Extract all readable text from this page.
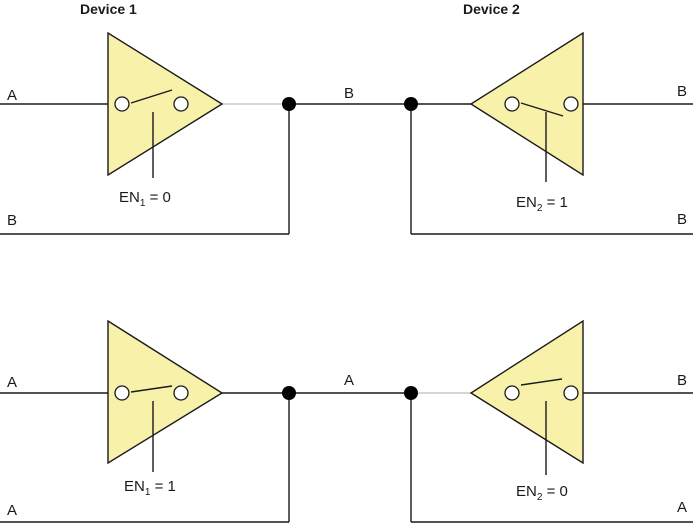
Device 1	Device 2
A
B
B	B
B
$EN_1 = 0$	$EN_2 = 1$
A
A
A	B
A
$EN_1 = 1$	$EN_2 = 0$
